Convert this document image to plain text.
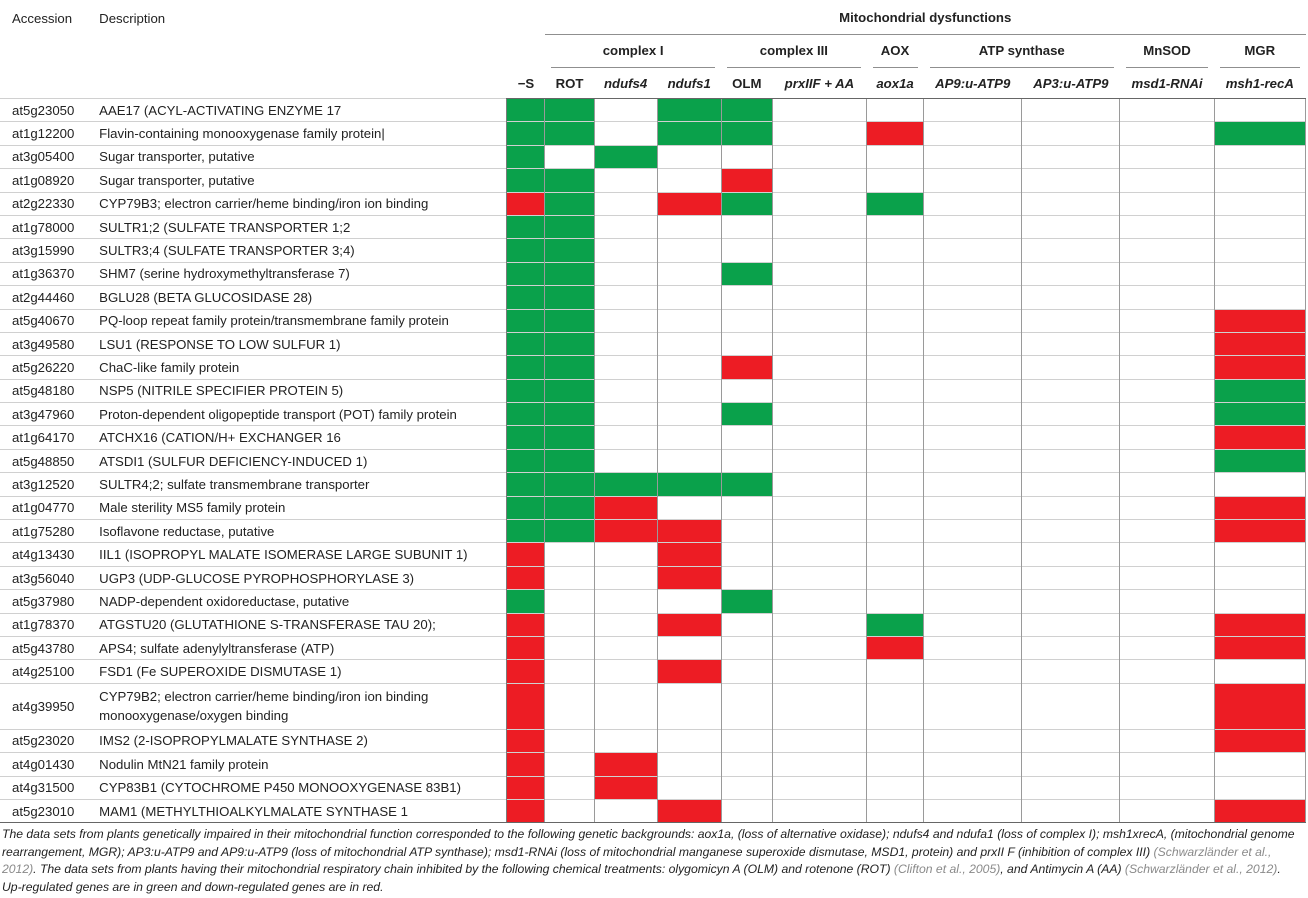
Accession	Description		Mitochondrial dysfunctions									

			complex I			complex III		AOX	ATP synthase		MnSOD	MGR

		−S	ROT	ndufs4	ndufs1	OLM	prxIIF + AA	aox1a	AP9:u-ATP9	AP3:u-ATP9	msd1-RNAi	msh1-recA
at5g23050	AAE17 (ACYL-ACTIVATING ENZYME 17											
at1g12200	Flavin-containing monooxygenase family protein|											
at3g05400	Sugar transporter, putative											
at1g08920	Sugar transporter, putative											
at2g22330	CYP79B3; electron carrier/heme binding/iron ion binding											
at1g78000	SULTR1;2 (SULFATE TRANSPORTER 1;2											
at3g15990	SULTR3;4 (SULFATE TRANSPORTER 3;4)											
at1g36370	SHM7 (serine hydroxymethyltransferase 7)											
at2g44460	BGLU28 (BETA GLUCOSIDASE 28)											
at5g40670	PQ-loop repeat family protein/transmembrane family protein											
at3g49580	LSU1 (RESPONSE TO LOW SULFUR 1)											
at5g26220	ChaC-like family protein											
at5g48180	NSP5 (NITRILE SPECIFIER PROTEIN 5)											
at3g47960	Proton-dependent oligopeptide transport (POT) family protein											
at1g64170	ATCHX16 (CATION/H+ EXCHANGER 16											
at5g48850	ATSDI1 (SULFUR DEFICIENCY-INDUCED 1)											
at3g12520	SULTR4;2; sulfate transmembrane transporter											
at1g04770	Male sterility MS5 family protein											
at1g75280	Isoflavone reductase, putative											
at4g13430	IIL1 (ISOPROPYL MALATE ISOMERASE LARGE SUBUNIT 1)											
at3g56040	UGP3 (UDP-GLUCOSE PYROPHOSPHORYLASE 3)											
at5g37980	NADP-dependent oxidoreductase, putative											
at1g78370	ATGSTU20 (GLUTATHIONE S-TRANSFERASE TAU 20);											
at5g43780	APS4; sulfate adenylyltransferase (ATP)											
at4g25100	FSD1 (Fe SUPEROXIDE DISMUTASE 1)											
at4g39950	CYP79B2; electron carrier/heme binding/iron ion binding
monooxygenase/oxygen binding											
at5g23020	IMS2 (2-ISOPROPYLMALATE SYNTHASE 2)											
at4g01430	Nodulin MtN21 family protein											
at4g31500	CYP83B1 (CYTOCHROME P450 MONOOXYGENASE 83B1)											
at5g23010	MAM1 (METHYLTHIOALKYLMALATE SYNTHASE 1											
The data sets from plants genetically impaired in their mitochondrial function corresponded to the following genetic backgrounds: aox1a, (loss of alternative oxidase); ndufs4 and ndufa1 (loss of complex I); msh1xrecA, (mitochondrial genome rearrangement, MGR); AP3:u-ATP9 and AP9:u-ATP9 (loss of mitochondrial ATP synthase); msd1-RNAi (loss of mitochondrial manganese superoxide dismutase, MSD1, protein) and prxII F (inhibition of complex III) (Schwarzländer et al., 2012). The data sets from plants having their mitochondrial respiratory chain inhibited by the following chemical treatments: olygomicyn A (OLM) and rotenone (ROT) (Clifton et al., 2005), and Antimycin A (AA) (Schwarzländer et al., 2012). Up-regulated genes are in green and down-regulated genes are in red.
